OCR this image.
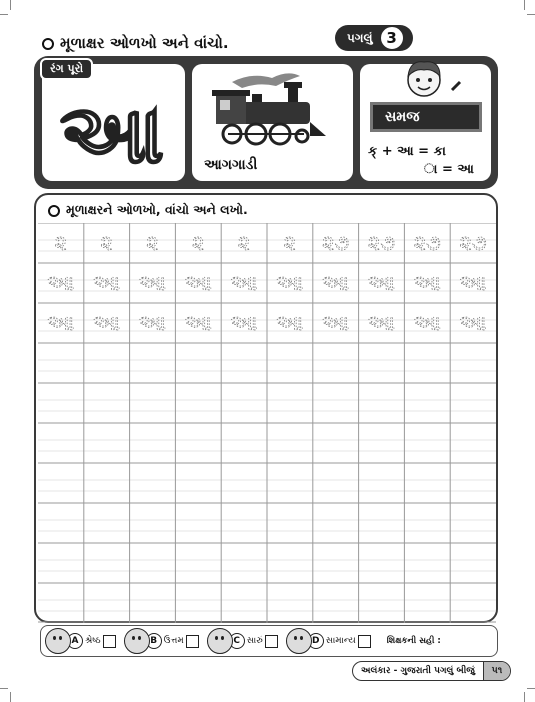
મૂળાક્ષર ઓળખો અને વાંચો.	પગલું 3
રંગ પૂરો
આ	આગગાડી
સમજ
ક્ + આ = કા
ા = આ
મૂળાક્ષરને ઓળખો, વાંચો અને લખો.
૨ ૨ ૨ ૨ ૨ ૨ ૨૭ ૨૭ ૨૭ ૨૭
આ આ આ આ આ આ આ આ આ આ
આ આ આ આ આ આ આ આ આ આ
A શ્રેષ્ઠ	B ઉત્તમ	C સારું	D સામાન્ય	શિક્ષકની સહી :
અલંકાર - ગુજરાતી પગલું બીજું	૫૧
